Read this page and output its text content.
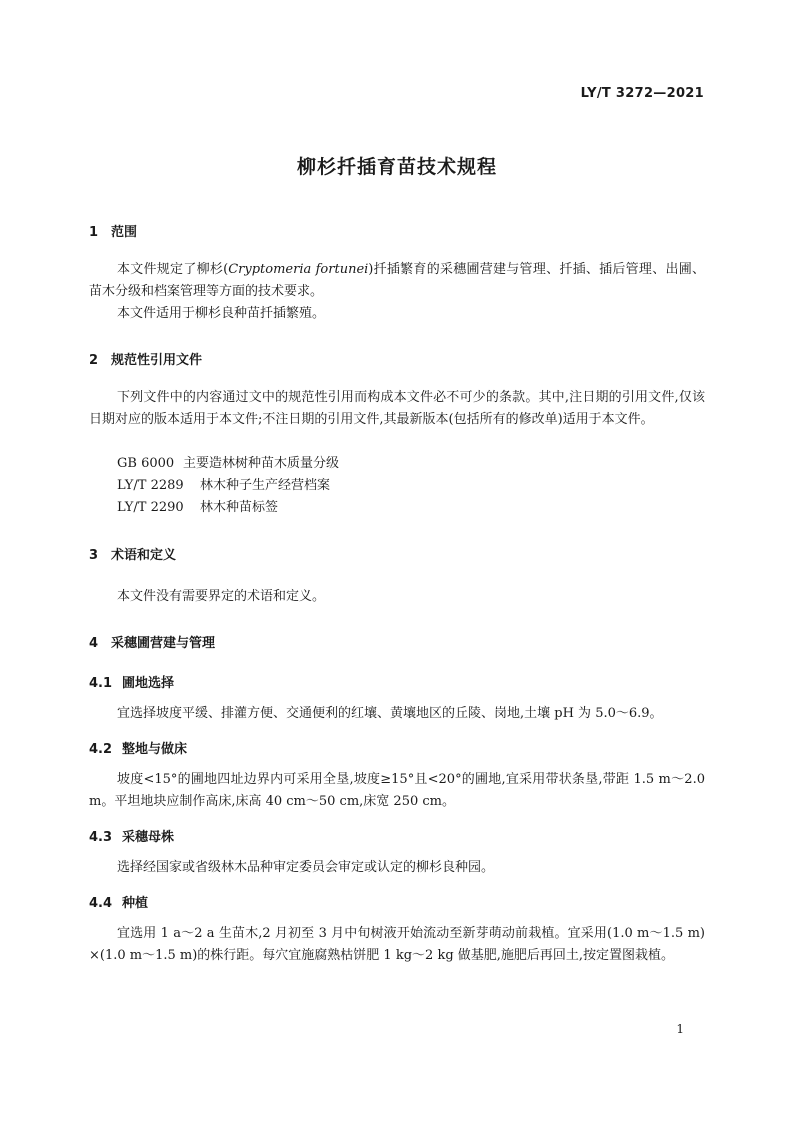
LY/T 3272—2021
柳杉扦插育苗技术规程
1 范围
本文件规定了柳杉(Cryptomeria fortunei)扦插繁育的采穗圃营建与管理、扦插、插后管理、出圃、苗木分级和档案管理等方面的技术要求。
本文件适用于柳杉良种苗扦插繁殖。
2 规范性引用文件
下列文件中的内容通过文中的规范性引用而构成本文件必不可少的条款。其中,注日期的引用文件,仅该日期对应的版本适用于本文件;不注日期的引用文件,其最新版本(包括所有的修改单)适用于本文件。
GB 6000 主要造林树种苗木质量分级
LY/T 2289 林木种子生产经营档案
LY/T 2290 林木种苗标签
3 术语和定义
本文件没有需要界定的术语和定义。
4 采穗圃营建与管理
4.1 圃地选择
宜选择坡度平缓、排灌方便、交通便利的红壤、黄壤地区的丘陵、岗地,土壤 pH 为 5.0～6.9。
4.2 整地与做床
坡度<15°的圃地四址边界内可采用全垦,坡度≥15°且<20°的圃地,宜采用带状条垦,带距 1.5 m～2.0 m。平坦地块应制作高床,床高 40 cm～50 cm,床宽 250 cm。
4.3 采穗母株
选择经国家或省级林木品种审定委员会审定或认定的柳杉良种园。
4.4 种植
宜选用 1 a～2 a 生苗木,2 月初至 3 月中旬树液开始流动至新芽萌动前栽植。宜采用(1.0 m～1.5 m) ×(1.0 m～1.5 m)的株行距。每穴宜施腐熟枯饼肥 1 kg～2 kg 做基肥,施肥后再回土,按定置图栽植。
1
